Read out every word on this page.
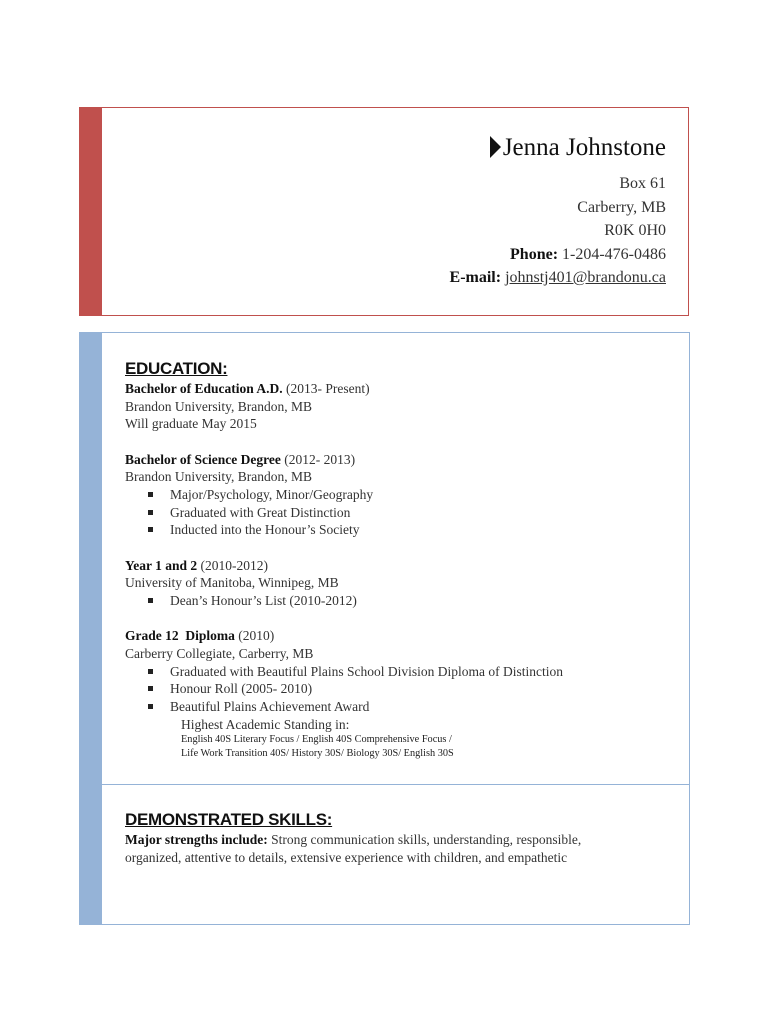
Jenna Johnstone
Box 61
Carberry, MB
R0K 0H0
Phone: 1-204-476-0486
E-mail: johnstj401@brandonu.ca
EDUCATION:
Bachelor of Education A.D. (2013- Present)
Brandon University, Brandon, MB
Will graduate May 2015
Bachelor of Science Degree (2012- 2013)
Brandon University, Brandon, MB
Major/Psychology, Minor/Geography
Graduated with Great Distinction
Inducted into the Honour’s Society
Year 1 and 2 (2010-2012)
University of Manitoba, Winnipeg, MB
Dean’s Honour’s List (2010-2012)
Grade 12  Diploma (2010)
Carberry Collegiate, Carberry, MB
Graduated with Beautiful Plains School Division Diploma of Distinction
Honour Roll (2005- 2010)
Beautiful Plains Achievement Award
Highest Academic Standing in:
English 40S Literary Focus / English 40S Comprehensive Focus /
Life Work Transition 40S/ History 30S/ Biology 30S/ English 30S
DEMONSTRATED SKILLS:
Major strengths include: Strong communication skills, understanding, responsible,
organized, attentive to details, extensive experience with children, and empathetic
